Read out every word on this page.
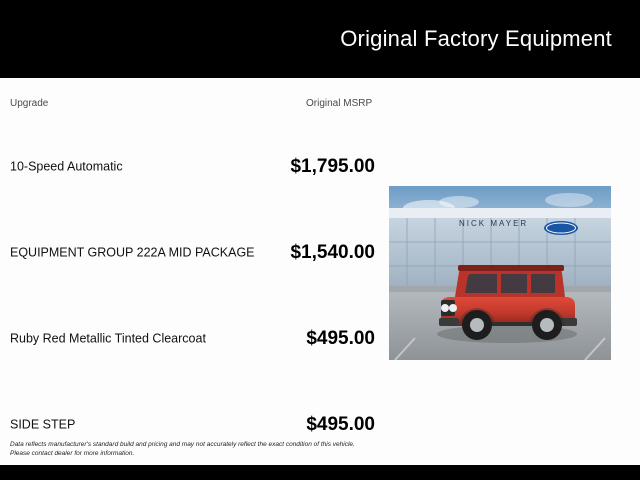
Original Factory Equipment
Upgrade	Original MSRP
10-Speed Automatic	$1,795.00
EQUIPMENT GROUP 222A MID PACKAGE	$1,540.00
Ruby Red Metallic Tinted Clearcoat	$495.00
SIDE STEP	$495.00
Data reflects manufacturer's standard build and pricing and may not accurately reflect the exact condition of this vehicle.
Please contact dealer for more information.
NICK MAYER
